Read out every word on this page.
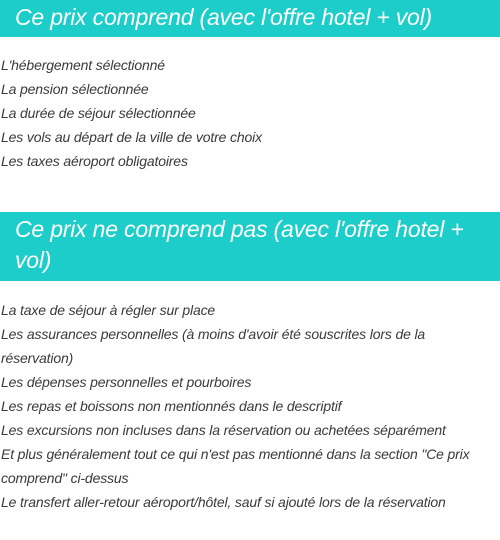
Ce prix comprend (avec l'offre hotel + vol)
L'hébergement sélectionné
La pension sélectionnée
La durée de séjour sélectionnée
Les vols au départ de la ville de votre choix
Les taxes aéroport obligatoires
Ce prix ne comprend pas (avec l'offre hotel + vol)
La taxe de séjour à régler sur place
Les assurances personnelles (à moins d'avoir été souscrites lors de la réservation)
Les dépenses personnelles et pourboires
Les repas et boissons non mentionnés dans le descriptif
Les excursions non incluses dans la réservation ou achetées séparément
Et plus généralement tout ce qui n'est pas mentionné dans la section "Ce prix comprend" ci-dessus
Le transfert aller-retour aéroport/hôtel, sauf si ajouté lors de la réservation
